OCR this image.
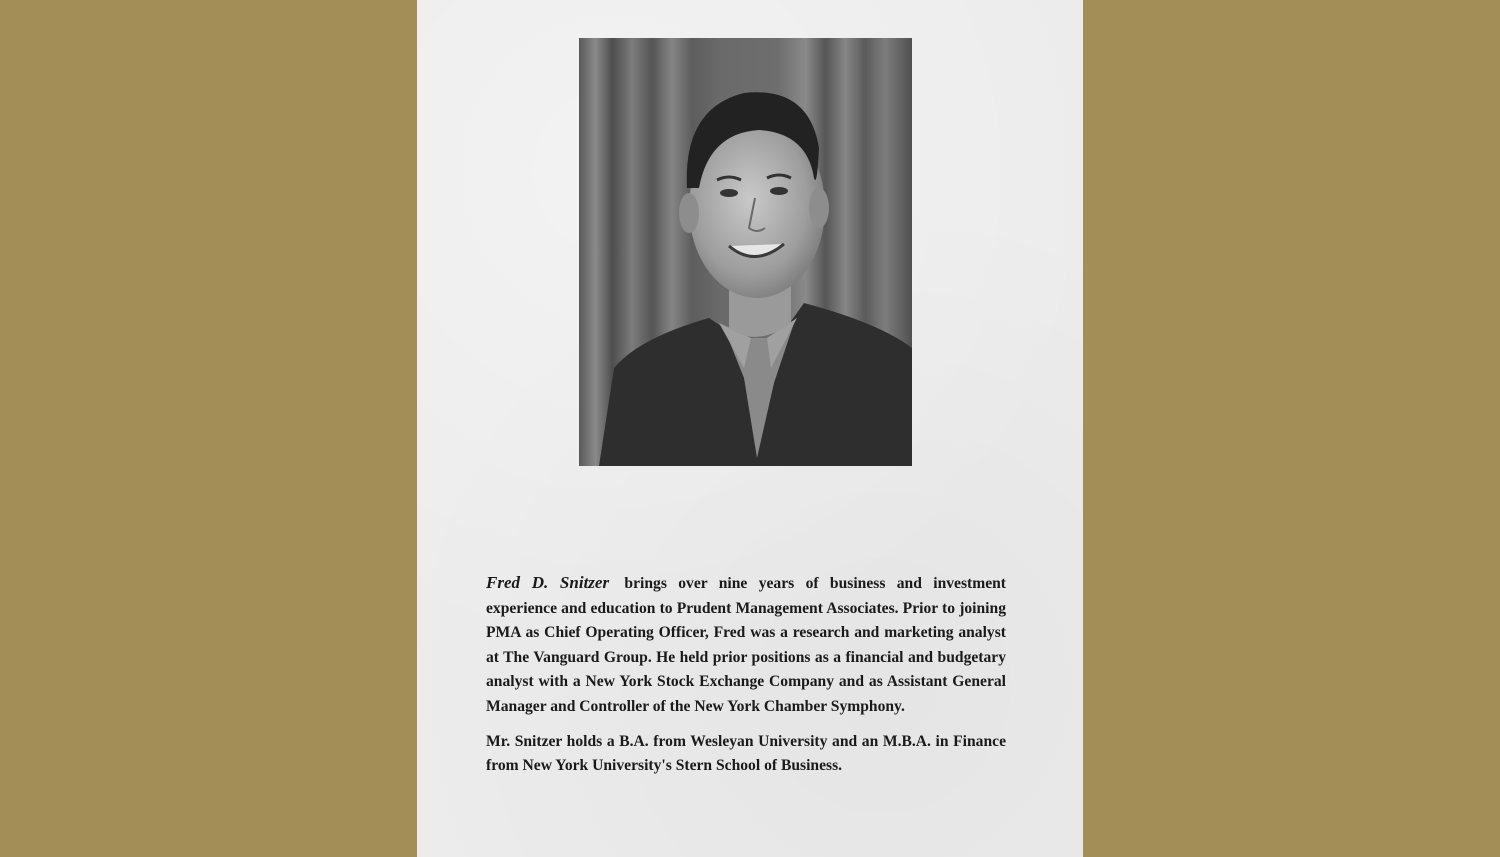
Fred D. Snitzer brings over nine years of business and investment experience and education to Prudent Management Associates. Prior to joining PMA as Chief Operating Officer, Fred was a research and marketing analyst at The Vanguard Group. He held prior positions as a financial and budgetary analyst with a New York Stock Exchange Company and as Assistant General Manager and Controller of the New York Chamber Symphony.

Mr. Snitzer holds a B.A. from Wesleyan University and an M.B.A. in Finance from New York University's Stern School of Business.
